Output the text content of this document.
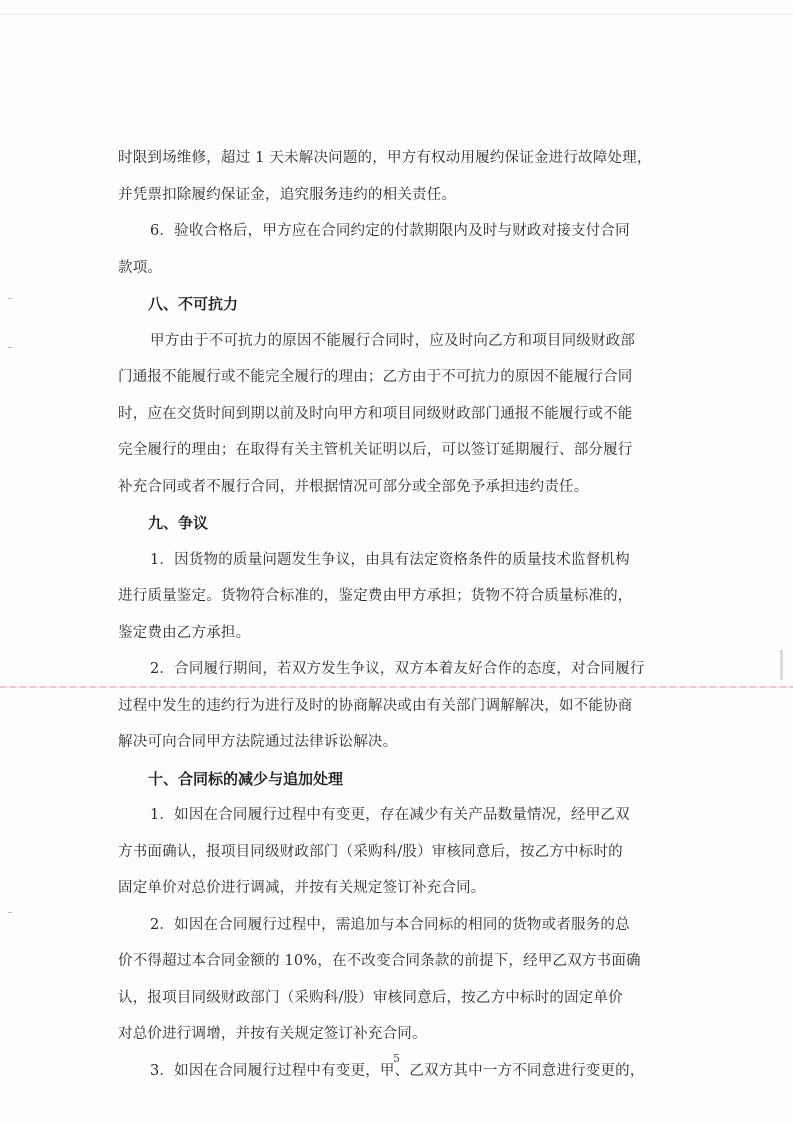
时限到场维修，超过 1 天未解决问题的，甲方有权动用履约保证金进行故障处理，
并凭票扣除履约保证金，追究服务违约的相关责任。

6．验收合格后，甲方应在合同约定的付款期限内及时与财政对接支付合同
款项。

八、不可抗力

甲方由于不可抗力的原因不能履行合同时，应及时向乙方和项目同级财政部
门通报不能履行或不能完全履行的理由；乙方由于不可抗力的原因不能履行合同
时，应在交货时间到期以前及时向甲方和项目同级财政部门通报不能履行或不能
完全履行的理由；在取得有关主管机关证明以后，可以签订延期履行、部分履行
补充合同或者不履行合同，并根据情况可部分或全部免予承担违约责任。

九、争议

1．因货物的质量问题发生争议，由具有法定资格条件的质量技术监督机构
进行质量鉴定。货物符合标准的，鉴定费由甲方承担；货物不符合质量标准的，
鉴定费由乙方承担。

2．合同履行期间，若双方发生争议，双方本着友好合作的态度，对合同履行
过程中发生的违约行为进行及时的协商解决或由有关部门调解解决，如不能协商
解决可向合同甲方法院通过法律诉讼解决。

十、合同标的减少与追加处理

1．如因在合同履行过程中有变更，存在减少有关产品数量情况，经甲乙双
方书面确认，报项目同级财政部门（采购科/股）审核同意后，按乙方中标时的
固定单价对总价进行调减，并按有关规定签订补充合同。

2．如因在合同履行过程中，需追加与本合同标的相同的货物或者服务的总
价不得超过本合同金额的 10%，在不改变合同条款的前提下，经甲乙双方书面确
认，报项目同级财政部门（采购科/股）审核同意后，按乙方中标时的固定单价
对总价进行调增，并按有关规定签订补充合同。

3．如因在合同履行过程中有变更，甲、乙双方其中一方不同意进行变更的，

5
